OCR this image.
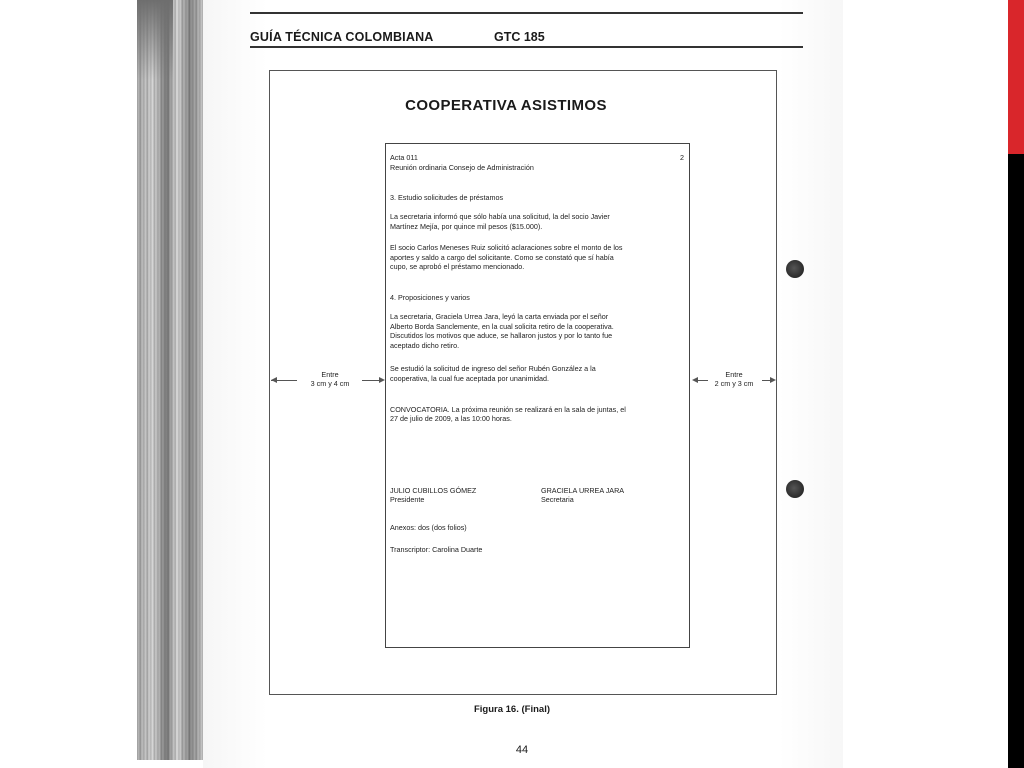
GUÍA TÉCNICA COLOMBIANA	GTC 185
COOPERATIVA ASISTIMOS
Acta 011	2
Reunión ordinaria Consejo de Administración
3. Estudio solicitudes de préstamos
La secretaria informó que sólo había una solicitud, la del socio Javier
Martínez Mejía, por quince mil pesos ($15.000).
El socio Carlos Meneses Ruiz solicitó aclaraciones sobre el monto de los
aportes y saldo a cargo del solicitante. Como se constató que sí había
cupo, se aprobó el préstamo mencionado.
4. Proposiciones y varios
La secretaria, Graciela Urrea Jara, leyó la carta enviada por el señor
Alberto Borda Sanclemente, en la cual solicita retiro de la cooperativa.
Discutidos los motivos que aduce, se hallaron justos y por lo tanto fue
aceptado dicho retiro.
Se estudió la solicitud de ingreso del señor Rubén González a la
cooperativa, la cual fue aceptada por unanimidad.
CONVOCATORIA. La próxima reunión se realizará en la sala de juntas, el
27 de julio de 2009, a las 10:00 horas.
JULIO CUBILLOS GÓMEZ
Presidente
GRACIELA URREA JARA
Secretaria
Anexos: dos (dos folios)
Transcriptor: Carolina Duarte
Entre
3 cm y 4 cm
Entre
2 cm y 3 cm
Figura 16. (Final)
44
